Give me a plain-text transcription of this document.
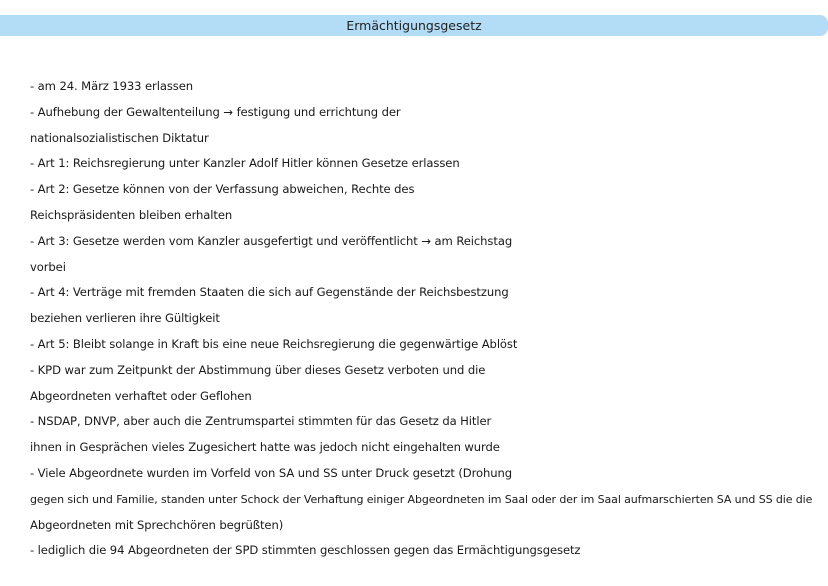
Ermächtigungsgesetz
- am 24. März 1933 erlassen
- Aufhebung der Gewaltenteilung → festigung und errichtung der
nationalsozialistischen Diktatur
- Art 1: Reichsregierung unter Kanzler Adolf Hitler können Gesetze erlassen
- Art 2: Gesetze können von der Verfassung abweichen, Rechte des
Reichspräsidenten bleiben erhalten
- Art 3: Gesetze werden vom Kanzler ausgefertigt und veröffentlicht → am Reichstag
vorbei
- Art 4: Verträge mit fremden Staaten die sich auf Gegenstände der Reichsbestzung
beziehen verlieren ihre Gültigkeit
- Art 5: Bleibt solange in Kraft bis eine neue Reichsregierung die gegenwärtige Ablöst
- KPD war zum Zeitpunkt der Abstimmung über dieses Gesetz verboten und die
Abgeordneten verhaftet oder Geflohen
- NSDAP, DNVP, aber auch die Zentrumspartei stimmten für das Gesetz da Hitler
ihnen in Gesprächen vieles Zugesichert hatte was jedoch nicht eingehalten wurde
- Viele Abgeordnete wurden im Vorfeld von SA und SS unter Druck gesetzt (Drohung
gegen sich und Familie, standen unter Schock der Verhaftung einiger Abgeordneten im Saal oder der im Saal aufmarschierten SA und SS die die
Abgeordneten mit Sprechchören begrüßten)
- lediglich die 94 Abgeordneten der SPD stimmten geschlossen gegen das Ermächtigungsgesetz
